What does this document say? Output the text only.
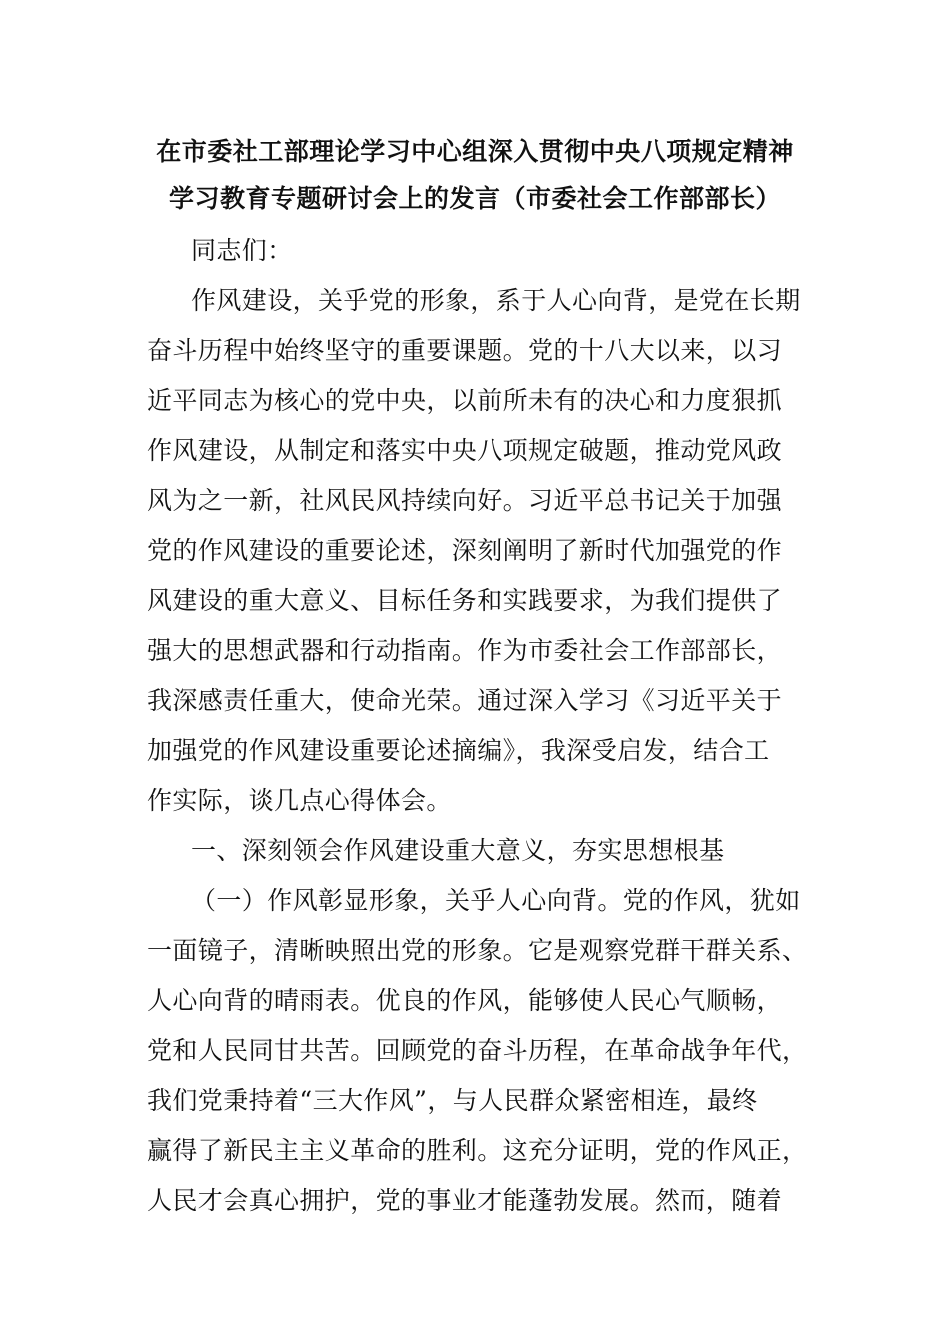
在市委社工部理论学习中心组深入贯彻中央八项规定精神
学习教育专题研讨会上的发言（市委社会工作部部长）
同志们：
作风建设，关乎党的形象，系于人心向背，是党在长期
奋斗历程中始终坚守的重要课题。党的十八大以来，以习
近平同志为核心的党中央，以前所未有的决心和力度狠抓
作风建设，从制定和落实中央八项规定破题，推动党风政
风为之一新，社风民风持续向好。习近平总书记关于加强
党的作风建设的重要论述，深刻阐明了新时代加强党的作
风建设的重大意义、目标任务和实践要求，为我们提供了
强大的思想武器和行动指南。作为市委社会工作部部长，
我深感责任重大，使命光荣。通过深入学习《习近平关于
加强党的作风建设重要论述摘编》，我深受启发，结合工
作实际，谈几点心得体会。
一、深刻领会作风建设重大意义，夯实思想根基
（一）作风彰显形象，关乎人心向背。党的作风，犹如
一面镜子，清晰映照出党的形象。它是观察党群干群关系、
人心向背的晴雨表。优良的作风，能够使人民心气顺畅，
党和人民同甘共苦。回顾党的奋斗历程，在革命战争年代，
我们党秉持着“三大作风”，与人民群众紧密相连，最终
赢得了新民主主义革命的胜利。这充分证明，党的作风正，
人民才会真心拥护，党的事业才能蓬勃发展。然而，随着
